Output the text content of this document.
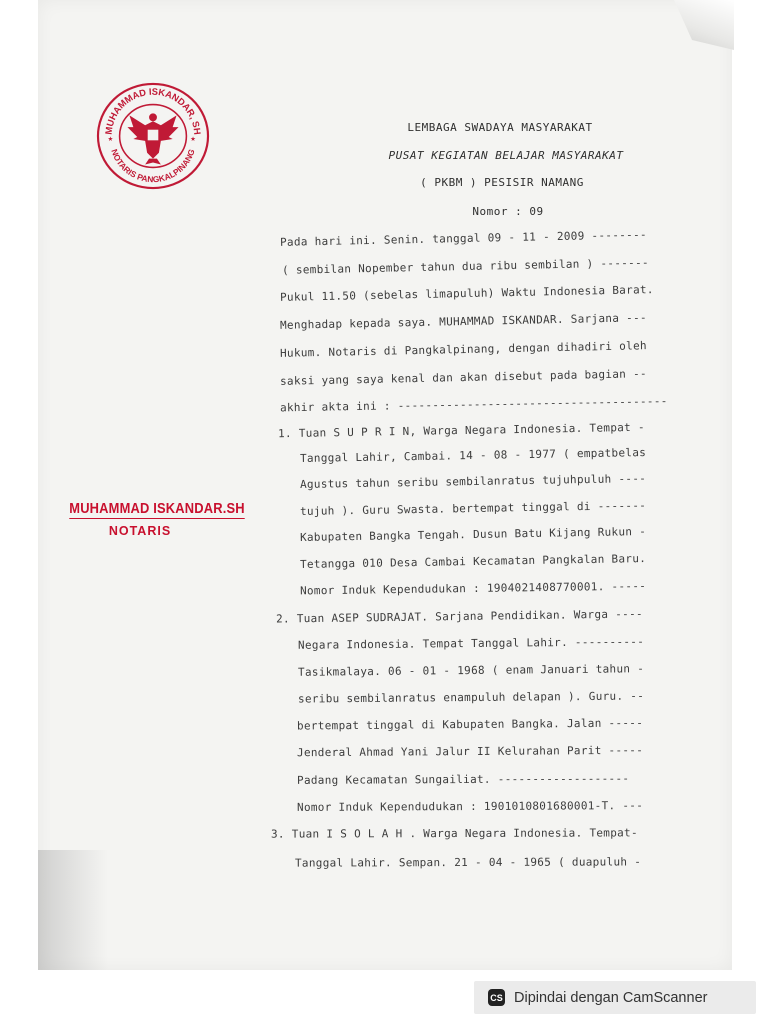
MUHAMMAD ISKANDAR, SH
NOTARIS PANGKALPINANG
★	★
MUHAMMAD ISKANDAR.SH
NOTARIS
LEMBAGA SWADAYA MASYARAKAT
PUSAT KEGIATAN BELAJAR MASYARAKAT
( PKBM ) PESISIR NAMANG
Nomor : 09
Pada hari ini. Senin. tanggal 09 - 11 - 2009 --------
( sembilan Nopember tahun dua ribu sembilan ) -------
Pukul 11.50 (sebelas limapuluh) Waktu Indonesia Barat.
Menghadap kepada saya. MUHAMMAD ISKANDAR. Sarjana ---
Hukum. Notaris di Pangkalpinang, dengan dihadiri oleh
saksi yang saya kenal dan akan disebut pada bagian --
akhir akta ini : ---------------------------------------
1. Tuan S U P R I N, Warga Negara Indonesia. Tempat -
Tanggal Lahir, Cambai. 14 - 08 - 1977 ( empatbelas
Agustus tahun seribu sembilanratus tujuhpuluh ----
tujuh ). Guru Swasta. bertempat tinggal di -------
Kabupaten Bangka Tengah. Dusun Batu Kijang Rukun -
Tetangga 010 Desa Cambai Kecamatan Pangkalan Baru.
Nomor Induk Kependudukan : 1904021408770001. -----
2. Tuan ASEP SUDRAJAT. Sarjana Pendidikan. Warga ----
Negara Indonesia. Tempat Tanggal Lahir. ----------
Tasikmalaya. 06 - 01 - 1968 ( enam Januari tahun -
seribu sembilanratus enampuluh delapan ). Guru. --
bertempat tinggal di Kabupaten Bangka. Jalan -----
Jenderal Ahmad Yani Jalur II Kelurahan Parit -----
Padang Kecamatan Sungailiat. -------------------
Nomor Induk Kependudukan : 1901010801680001-T. ---
3. Tuan I S O L A H . Warga Negara Indonesia. Tempat-
Tanggal Lahir. Sempan. 21 - 04 - 1965 ( duapuluh -
CS Dipindai dengan CamScanner
